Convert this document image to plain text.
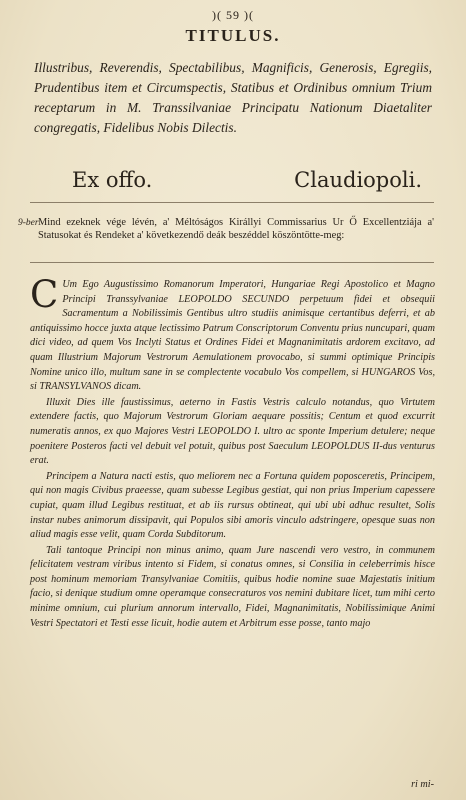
)( 59 )(
TITULUS.
Illustribus, Reverendis, Spectabilibus, Magnificis, Generosis, Egregiis, Prudentibus item et Circumspectis, Statibus et Ordinibus omnium Trium receptarum in M. Transsilvaniae Principatu Nationum Diaetaliter congregatis, Fidelibus Nobis Dilectis.
Ex offo.	Claudiopoli.
9-ber Mind ezeknek vége lévén, a' Méltóságos Királlyi Commissarius Ur Ő Excellentziája a' Statusokat és Rendeket a' következendő deák beszéddel köszöntötte-meg:

C Um Ego Augustissimo Romanorum Imperatori, Hungariae Regi Apostolico et Magno Principi Transsylvaniae LEOPOLDO SECUNDO perpetuum fidei et obsequii Sacramentum a Nobilissimis Gentibus ultro studiis animisque certantibus deferri, et ab antiquissimo hocce juxta atque lectissimo Patrum Conscriptorum Conventu prius nuncupari, quam dici video, ad quem Vos Inclyti Status et Ordines Fidei et Magnanimitatis ardorem excitavo, ad quam Illustrium Majorum Vestrorum Aemulationem provocabo, si summi optimique Principis Nomine unico illo, multum sane in se complectente vocabulo Vos compellem, si HUNGAROS Vos, si TRANSYLVANOS dicam.

Illuxit Dies ille faustissimus, aeterno in Fastis Vestris calculo notandus, quo Virtutem extendere factis, quo Majorum Vestrorum Gloriam aequare possitis; Centum et quod excurrit numeratis annos, ex quo Majores Vestri LEOPOLDO I. ultro ac sponte Imperium detulere; neque poenitere Posteros facti vel debuit vel potuit, quibus post Saeculum LEOPOLDUS II-dus venturus erat.

Principem a Natura nacti estis, quo meliorem nec a Fortuna quidem poposceretis, Principem, qui non magis Civibus praeesse, quam subesse Legibus gestiat, qui non prius Imperium capessere cupiat, quam illud Legibus restituat, et ab iis rursus obtineat, qui ubi ubi adhuc resultet, Solis instar nubes animorum dissipavit, qui Populos sibi amoris vinculo adstringere, opesque suas non aliud magis esse velit, quam Corda Subditorum.

Tali tantoque Principi non minus animo, quam Jure nascendi vero vestro, in communem felicitatem vestram viribus intento si Fidem, si conatus omnes, si Consilia in celeberrimis hisce post hominum memoriam Transylvaniae Comitiis, quibus hodie nomine suae Majestatis initium facio, si denique studium omne operamque consecraturos vos nemini dubitare licet, tum mihi certo minime omnium, cui plurium annorum intervallo, Fidei, Magnanimitatis, Nobilissimique Animi Vestri Spectatori et Testi esse licuit, hodie autem et Arbitrum esse posse, tanto majo

ri mi-
